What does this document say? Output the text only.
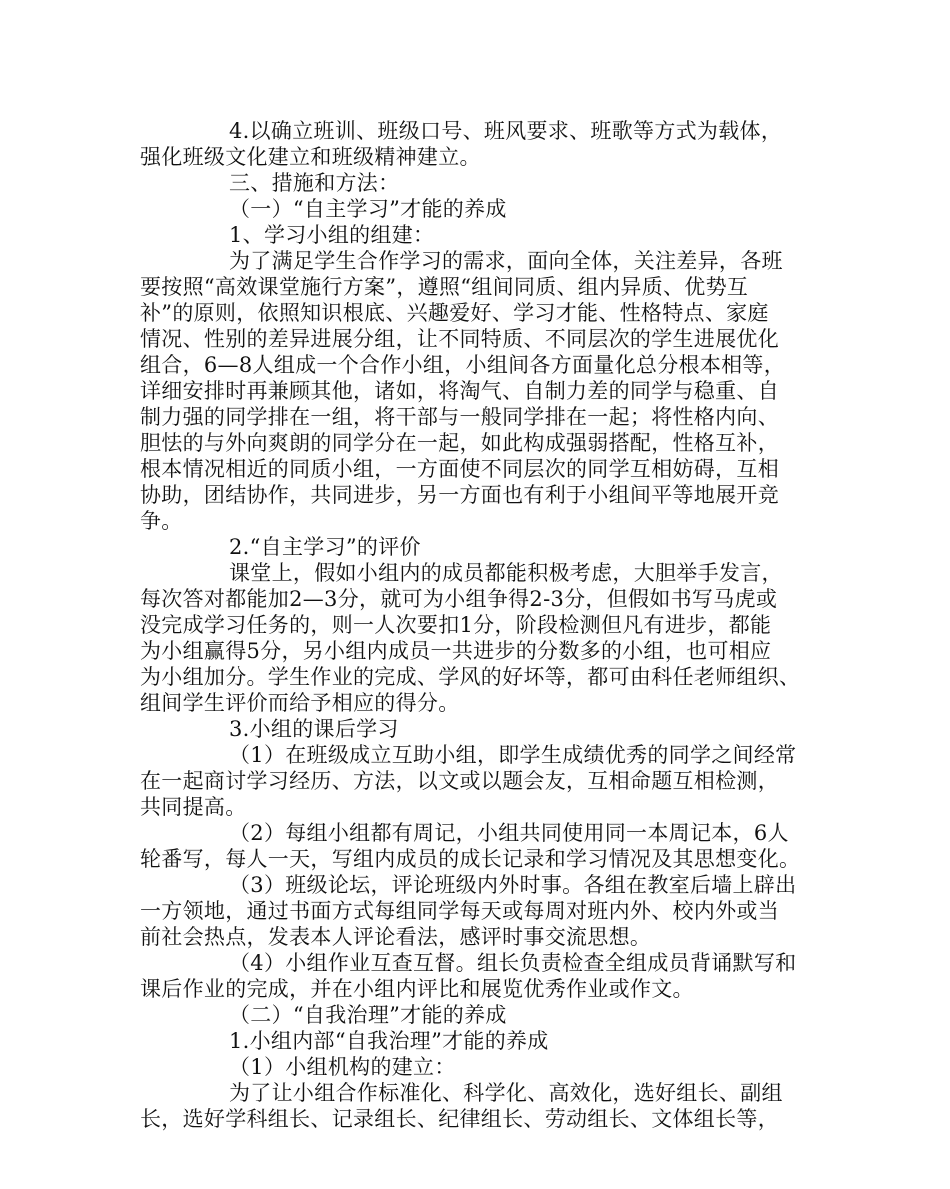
4.以确立班训、班级口号、班风要求、班歌等方式为载体，
强化班级文化建立和班级精神建立。
三、措施和方法：
（一）“自主学习”才能的养成
1、学习小组的组建：
为了满足学生合作学习的需求，面向全体，关注差异，各班
要按照“高效课堂施行方案”，遵照“组间同质、组内异质、优势互
补”的原则，依照知识根底、兴趣爱好、学习才能、性格特点、家庭
情况、性别的差异进展分组，让不同特质、不同层次的学生进展优化
组合，6—8人组成一个合作小组，小组间各方面量化总分根本相等，
详细安排时再兼顾其他，诸如，将淘气、自制力差的同学与稳重、自
制力强的同学排在一组，将干部与一般同学排在一起；将性格内向、
胆怯的与外向爽朗的同学分在一起，如此构成强弱搭配，性格互补，
根本情况相近的同质小组，一方面使不同层次的同学互相妨碍，互相
协助，团结协作，共同进步，另一方面也有利于小组间平等地展开竞
争。
2.“自主学习”的评价
课堂上，假如小组内的成员都能积极考虑，大胆举手发言，
每次答对都能加2—3分，就可为小组争得2-3分，但假如书写马虎或
没完成学习任务的，则一人次要扣1分，阶段检测但凡有进步，都能
为小组赢得5分，另小组内成员一共进步的分数多的小组，也可相应
为小组加分。学生作业的完成、学风的好坏等，都可由科任老师组织、
组间学生评价而给予相应的得分。
3.小组的课后学习
（1）在班级成立互助小组，即学生成绩优秀的同学之间经常
在一起商讨学习经历、方法，以文或以题会友，互相命题互相检测，
共同提高。
（2）每组小组都有周记，小组共同使用同一本周记本，6人
轮番写，每人一天，写组内成员的成长记录和学习情况及其思想变化。
（3）班级论坛，评论班级内外时事。各组在教室后墙上辟出
一方领地，通过书面方式每组同学每天或每周对班内外、校内外或当
前社会热点，发表本人评论看法，感评时事交流思想。
（4）小组作业互查互督。组长负责检查全组成员背诵默写和
课后作业的完成，并在小组内评比和展览优秀作业或作文。
（二）“自我治理”才能的养成
1.小组内部“自我治理”才能的养成
（1）小组机构的建立：
为了让小组合作标准化、科学化、高效化，选好组长、副组
长，选好学科组长、记录组长、纪律组长、劳动组长、文体组长等，
